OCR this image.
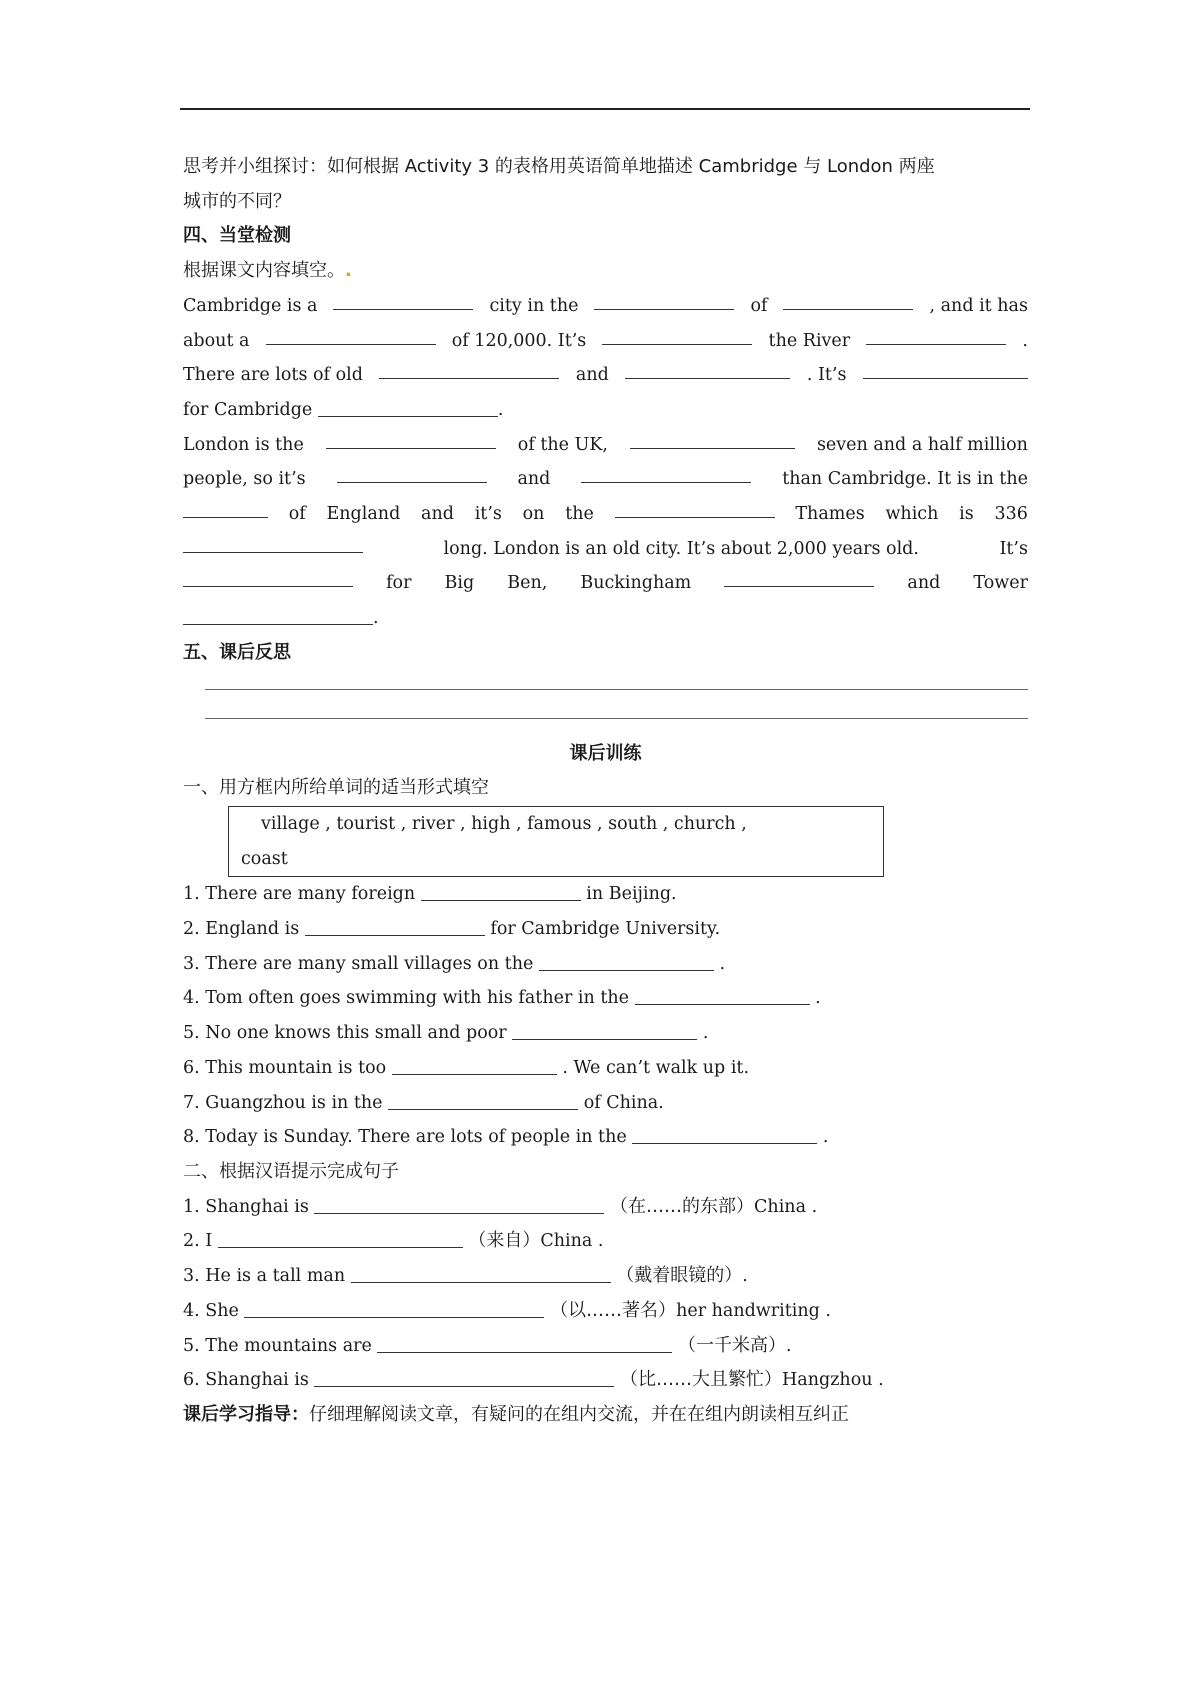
思考并小组探讨：如何根据 Activity 3 的表格用英语简单地描述 Cambridge 与 London 两座
城市的不同？
四、当堂检测
根据课文内容填空。.
Cambridge is a	city in the	of	, and it has
about a	of 120,000. It’s	the River	.
There are lots of old	and	. It’s
for Cambridge	.
London is the	of the UK,	seven and a half million
people, so it’s	and	than Cambridge. It is in the
of England and it’s on the	Thames which is 336
long. London is an old city. It’s about 2,000 years old.	It’s
for Big Ben, Buckingham	and Tower
.
五、课后反思
课后训练
一、用方框内所给单词的适当形式填空
village , tourist , river , high , famous , south , church ,
coast
1. There are many foreign	in Beijing.
2. England is	for Cambridge University.
3. There are many small villages on the	.
4. Tom often goes swimming with his father in the	.
5. No one knows this small and poor	.
6. This mountain is too	. We can’t walk up it.
7. Guangzhou is in the	of China.
8. Today is Sunday. There are lots of people in the	.
二、根据汉语提示完成句子
1. Shanghai is	（在……的东部）China .
2. I	（来自）China .
3. He is a tall man	（戴着眼镜的）.
4. She	（以……著名）her handwriting .
5. The mountains are	（一千米高）.
6. Shanghai is	（比……大且繁忙）Hangzhou .
课后学习指导：仔细理解阅读文章，有疑问的在组内交流，并在在组内朗读相互纠正
